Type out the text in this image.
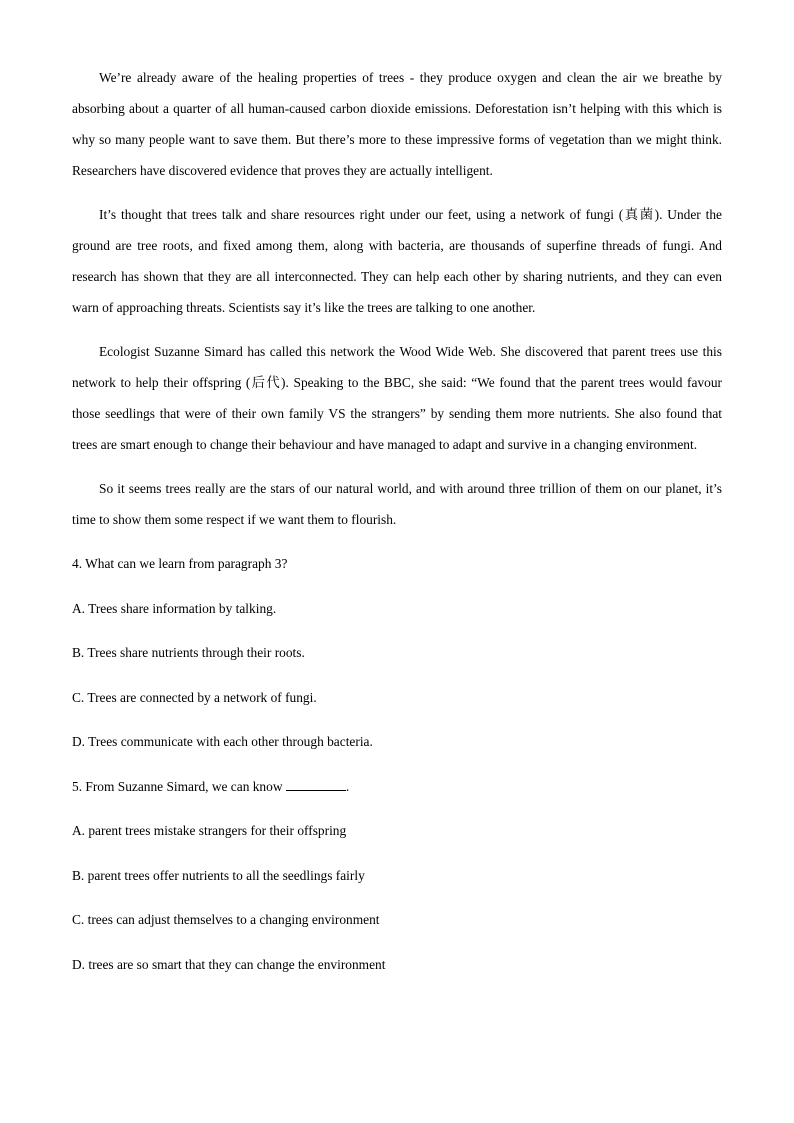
We’re already aware of the healing properties of trees - they produce oxygen and clean the air we breathe by absorbing about a quarter of all human-caused carbon dioxide emissions. Deforestation isn’t helping with this which is why so many people want to save them. But there’s more to these impressive forms of vegetation than we might think. Researchers have discovered evidence that proves they are actually intelligent.

It’s thought that trees talk and share resources right under our feet, using a network of fungi (真菌). Under the ground are tree roots, and fixed among them, along with bacteria, are thousands of superfine threads of fungi. And research has shown that they are all interconnected. They can help each other by sharing nutrients, and they can even warn of approaching threats. Scientists say it’s like the trees are talking to one another.

Ecologist Suzanne Simard has called this network the Wood Wide Web. She discovered that parent trees use this network to help their offspring (后代). Speaking to the BBC, she said: “We found that the parent trees would favour those seedlings that were of their own family VS the strangers” by sending them more nutrients. She also found that trees are smart enough to change their behaviour and have managed to adapt and survive in a changing environment.

So it seems trees really are the stars of our natural world, and with around three trillion of them on our planet, it’s time to show them some respect if we want them to flourish.

4. What can we learn from paragraph 3?

A. Trees share information by talking.

B. Trees share nutrients through their roots.

C. Trees are connected by a network of fungi.

D. Trees communicate with each other through bacteria.

5. From Suzanne Simard, we can know	.

A. parent trees mistake strangers for their offspring

B. parent trees offer nutrients to all the seedlings fairly

C. trees can adjust themselves to a changing environment

D. trees are so smart that they can change the environment
